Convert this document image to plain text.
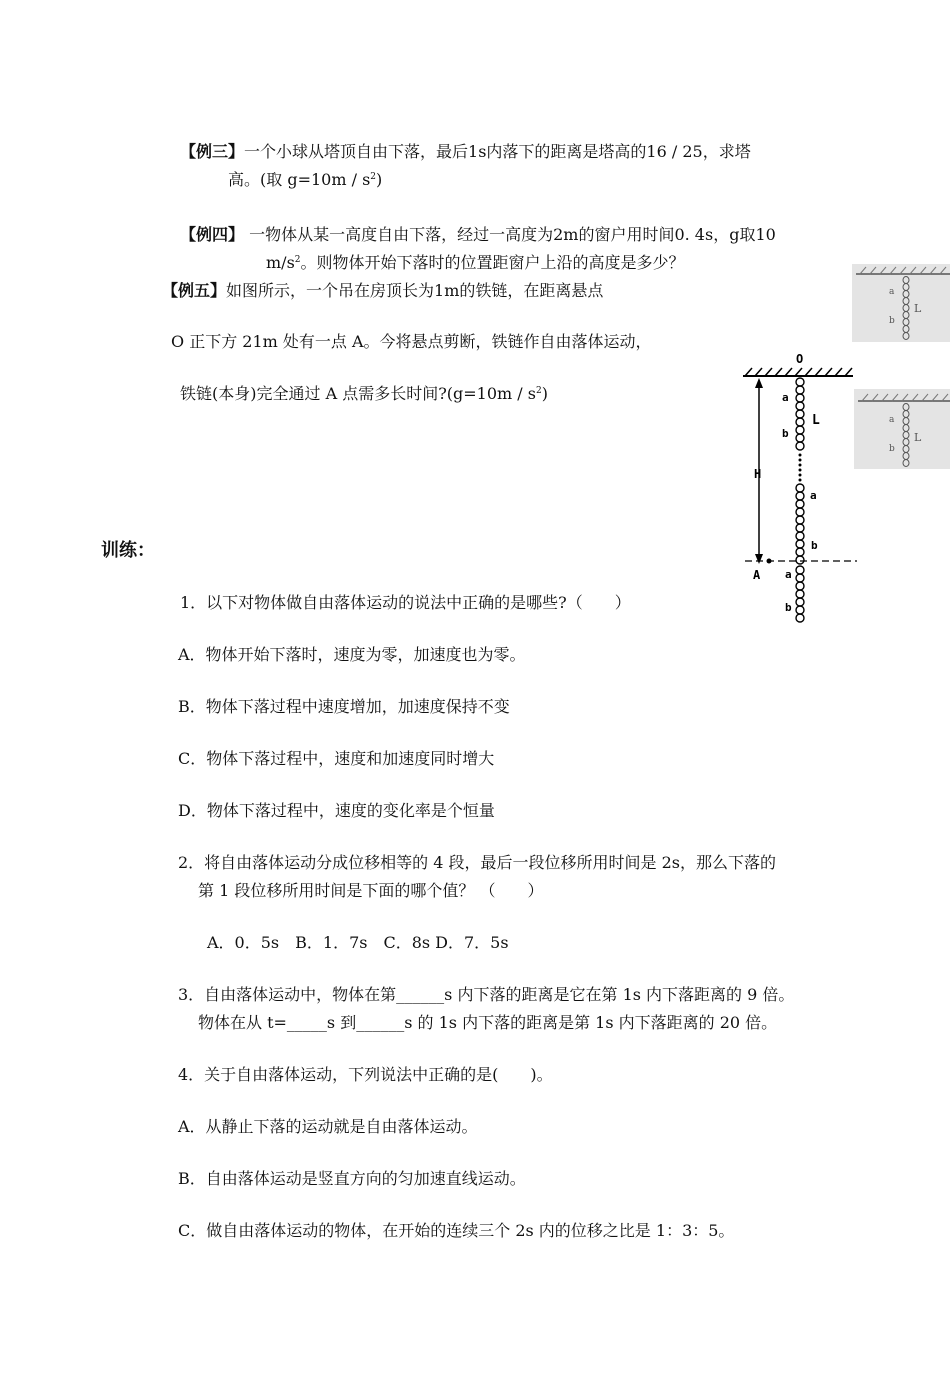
【例三】一个小球从塔顶自由下落，最后1s内落下的距离是塔高的16 / 25，求塔
高。(取 $g=10m / s^2$)
【例四】 一物体从某一高度自由下落，经过一高度为2m的窗户用时间0. 4s，g取10
$m/s^2$。则物体开始下落时的位置距窗户上沿的高度是多少？
【例五】如图所示，一个吊在房顶长为1m的铁链，在距离悬点
O 正下方 21m 处有一点 A。今将悬点剪断，铁链作自由落体运动，
铁链(本身)完全通过 A 点需多长时间?(g=10m / $s^2$)
a
b
L
a
b
L
O
a
b
L
a
b
a
b
H
A
训练：
1．以下对物体做自由落体运动的说法中正确的是哪些?（　　）
A．物体开始下落时，速度为零，加速度也为零。
B．物体下落过程中速度增加，加速度保持不变
C．物体下落过程中，速度和加速度同时增大
D．物体下落过程中，速度的变化率是个恒量
2．将自由落体运动分成位移相等的 4 段，最后一段位移所用时间是 2s，那么下落的
第 1 段位移所用时间是下面的哪个值？ （　　）
A．0．5s　B．1．7s　C．8s D．7．5s
3．自由落体运动中，物体在第______s 内下落的距离是它在第 1s 内下落距离的 9 倍。
物体在从 t=_____s 到______s 的 1s 内下落的距离是第 1s 内下落距离的 20 倍。
4．关于自由落体运动，下列说法中正确的是(　　)。
A．从静止下落的运动就是自由落体运动。
B．自由落体运动是竖直方向的匀加速直线运动。
C．做自由落体运动的物体，在开始的连续三个 2s 内的位移之比是 1：3：5。
